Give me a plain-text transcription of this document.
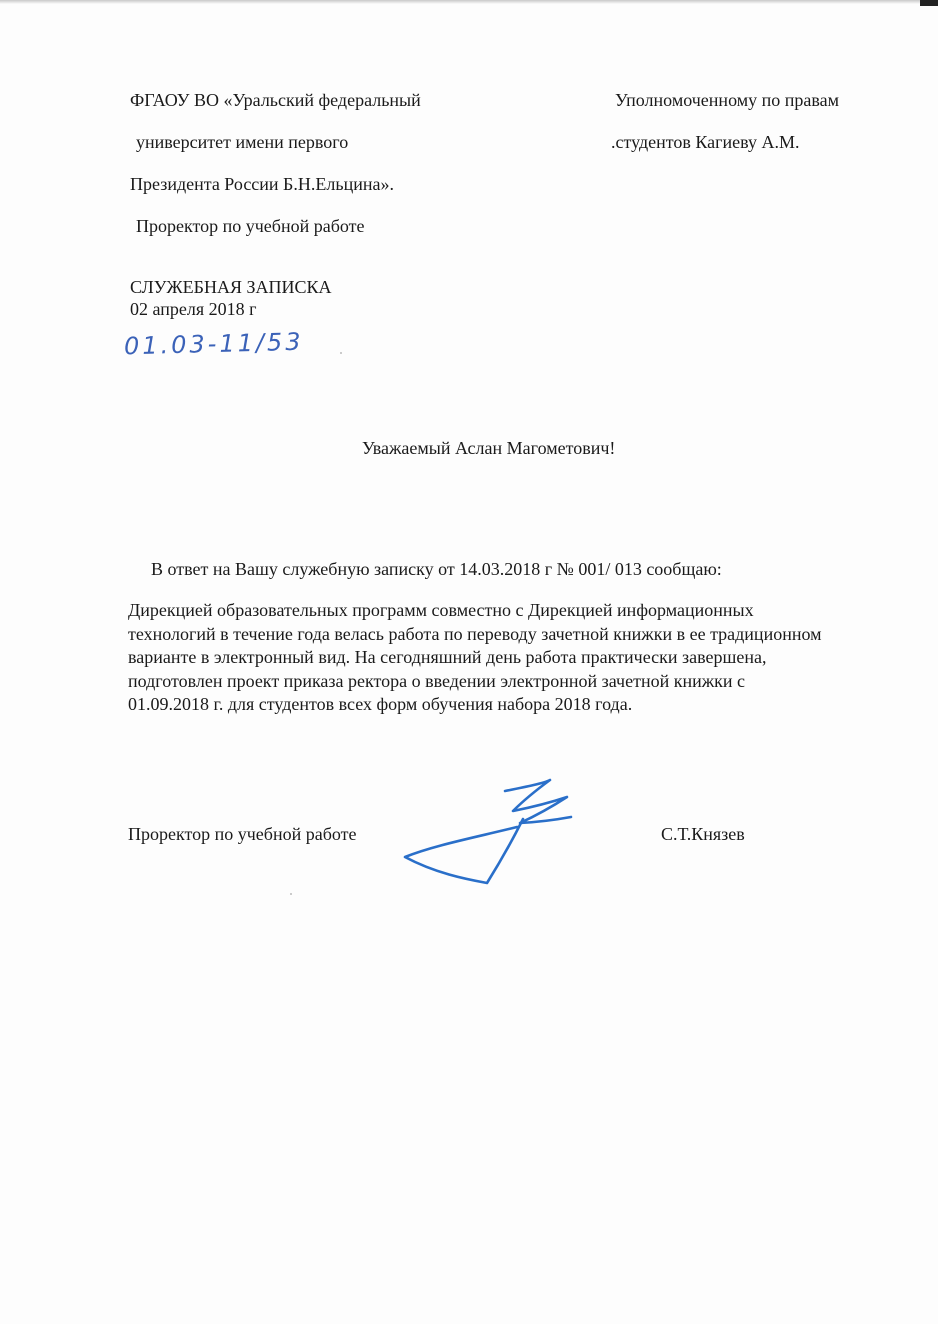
ФГАОУ ВО «Уральский федеральный
университет имени первого
Президента России Б.Н.Ельцина».
Проректор по учебной работе
Уполномоченному по правам
.студентов Кагиеву А.М.
СЛУЖЕБНАЯ ЗАПИСКА
02 апреля 2018 г
01.03-11/53
Уважаемый Аслан Магометович!
В ответ на Вашу служебную записку от 14.03.2018 г № 001/ 013 сообщаю:

Дирекцией образовательных программ совместно с Дирекцией информационных

технологий в течение года велась работа по переводу зачетной книжки в ее традиционном

варианте в электронный вид. На сегодняшний день работа практически завершена,

подготовлен проект приказа ректора о введении электронной зачетной книжки с

01.09.2018 г. для студентов всех форм обучения набора 2018 года.

Проректор по учебной работе	С.Т.Князев
